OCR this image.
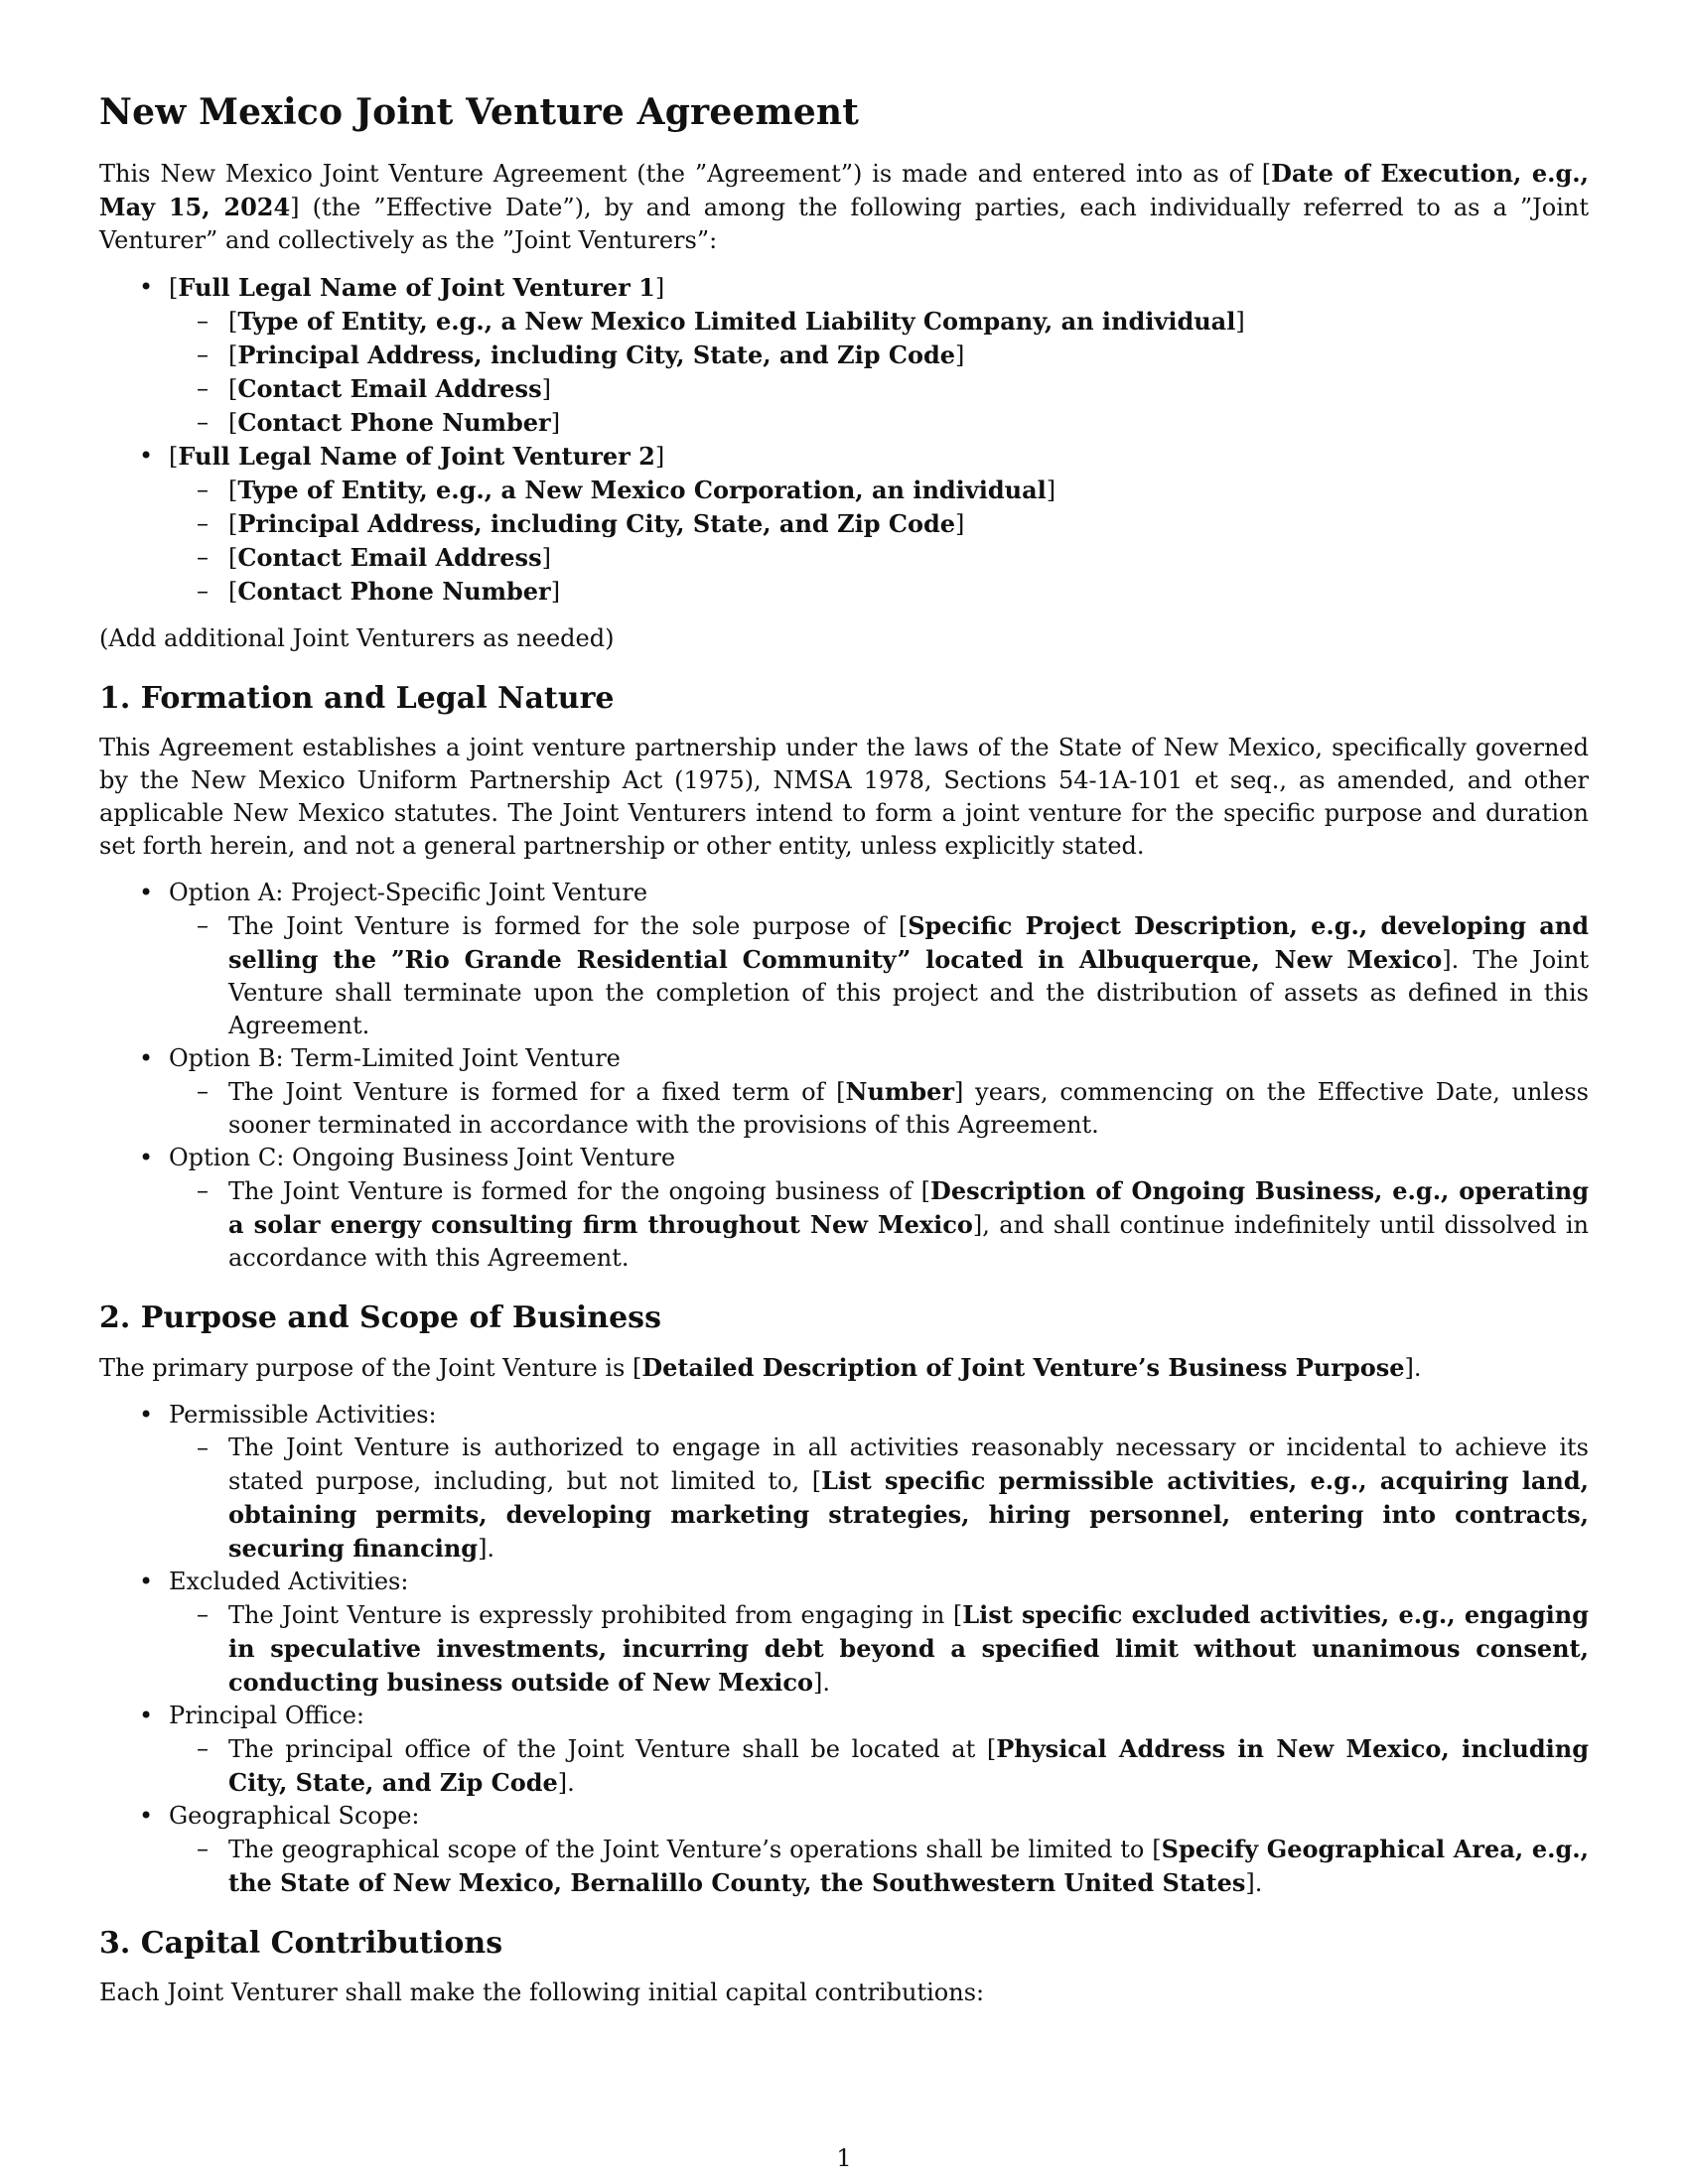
New Mexico Joint Venture Agreement

This New Mexico Joint Venture Agreement (the ”Agreement”) is made and entered into as of [Date of Execution, e.g., May 15, 2024] (the ”Effective Date”), by and among the following parties, each individually referred to as a ”Joint Venturer” and collectively as the ”Joint Venturers”:

• [Full Legal Name of Joint Venturer 1]
– [Type of Entity, e.g., a New Mexico Limited Liability Company, an individual]
– [Principal Address, including City, State, and Zip Code]
– [Contact Email Address]
– [Contact Phone Number]
• [Full Legal Name of Joint Venturer 2]
– [Type of Entity, e.g., a New Mexico Corporation, an individual]
– [Principal Address, including City, State, and Zip Code]
– [Contact Email Address]
– [Contact Phone Number]

(Add additional Joint Venturers as needed)

1. Formation and Legal Nature

This Agreement establishes a joint venture partnership under the laws of the State of New Mexico, specifically governed by the New Mexico Uniform Partnership Act (1975), NMSA 1978, Sections 54-1A-101 et seq., as amended, and other applicable New Mexico statutes. The Joint Venturers intend to form a joint venture for the specific purpose and duration set forth herein, and not a general partnership or other entity, unless explicitly stated.

• Option A: Project-Specific Joint Venture
– The Joint Venture is formed for the sole purpose of [Specific Project Description, e.g., developing and selling the ”Rio Grande Residential Community” located in Albuquerque, New Mexico]. The Joint Venture shall terminate upon the completion of this project and the distribution of assets as defined in this Agreement.
• Option B: Term-Limited Joint Venture
– The Joint Venture is formed for a fixed term of [Number] years, commencing on the Effective Date, unless sooner terminated in accordance with the provisions of this Agreement.
• Option C: Ongoing Business Joint Venture
– The Joint Venture is formed for the ongoing business of [Description of Ongoing Business, e.g., operating a solar energy consulting firm throughout New Mexico], and shall continue indefinitely until dissolved in accordance with this Agreement.
2. Purpose and Scope of Business

The primary purpose of the Joint Venture is [Detailed Description of Joint Venture’s Business Purpose].

• Permissible Activities:
– The Joint Venture is authorized to engage in all activities reasonably necessary or incidental to achieve its stated purpose, including, but not limited to, [List specific permissible activities, e.g., acquiring land, obtaining permits, developing marketing strategies, hiring personnel, entering into contracts, securing financing].
• Excluded Activities:
– The Joint Venture is expressly prohibited from engaging in [List specific excluded activities, e.g., engaging in speculative investments, incurring debt beyond a specified limit without unanimous consent, conducting business outside of New Mexico].
• Principal Office:
– The principal office of the Joint Venture shall be located at [Physical Address in New Mexico, including City, State, and Zip Code].
• Geographical Scope:
– The geographical scope of the Joint Venture’s operations shall be limited to [Specify Geographical Area, e.g., the State of New Mexico, Bernalillo County, the Southwestern United States].
3. Capital Contributions

Each Joint Venturer shall make the following initial capital contributions:

1
